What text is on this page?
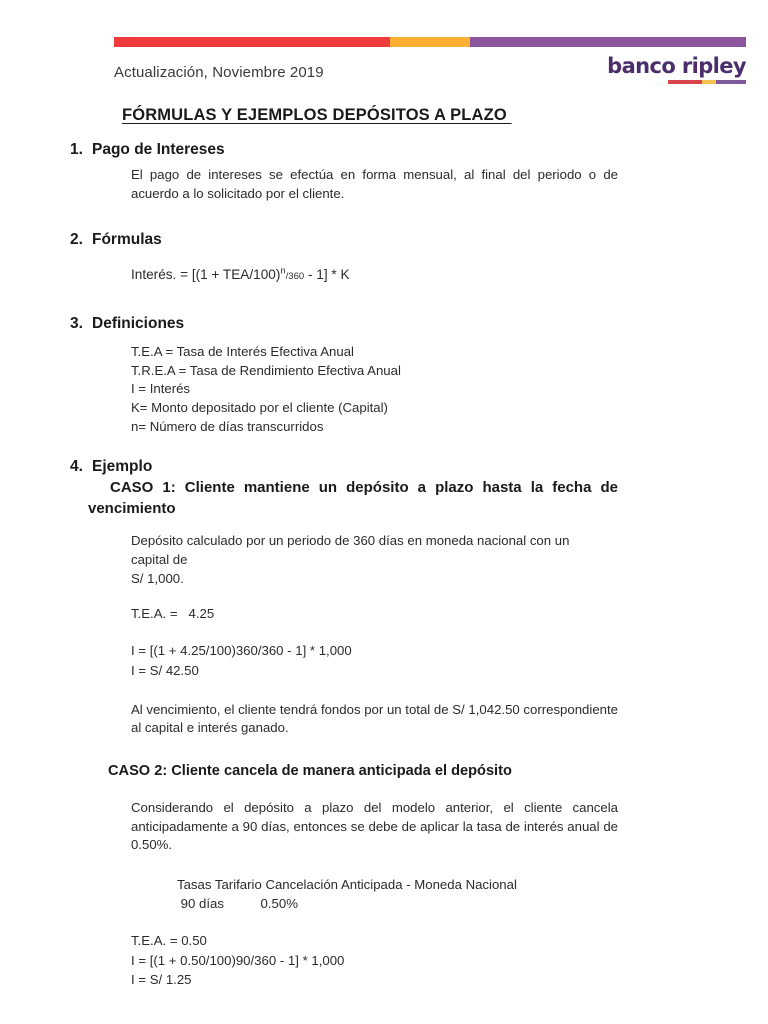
banco ripley
Actualización, Noviembre 2019
FÓRMULAS Y EJEMPLOS DEPÓSITOS A PLAZO
1. Pago de Intereses
El pago de intereses se efectúa en forma mensual, al final del periodo o de acuerdo a lo solicitado por el cliente.
2. Fórmulas
Interés. = [(1 + TEA/$100)^n/360 - 1$] * K
3. Definiciones
T.E.A = Tasa de Interés Efectiva Anual
T.R.E.A = Tasa de Rendimiento Efectiva Anual
I = Interés
K= Monto depositado por el cliente (Capital)
n= Número de días transcurridos
4. Ejemplo
CASO 1: Cliente mantiene un depósito a plazo hasta la fecha de vencimiento
Depósito calculado por un periodo de 360 días en moneda nacional con un
capital de
S/ 1,000.
T.E.A. =   4.25
I = [(1 + 4.25/100)360/360 - 1] * 1,000
I = S/ 42.50
Al vencimiento, el cliente tendrá fondos por un total de S/ 1,042.50 correspondiente al capital e interés ganado.
CASO 2: Cliente cancela de manera anticipada el depósito
Considerando el depósito a plazo del modelo anterior, el cliente cancela anticipadamente a 90 días, entonces se debe de aplicar la tasa de interés anual de 0.50%.
Tasas Tarifario Cancelación Anticipada - Moneda Nacional
90 días          0.50%
T.E.A. = 0.50
I = [(1 + 0.50/100)90/360 - 1] * 1,000
I = S/ 1.25
